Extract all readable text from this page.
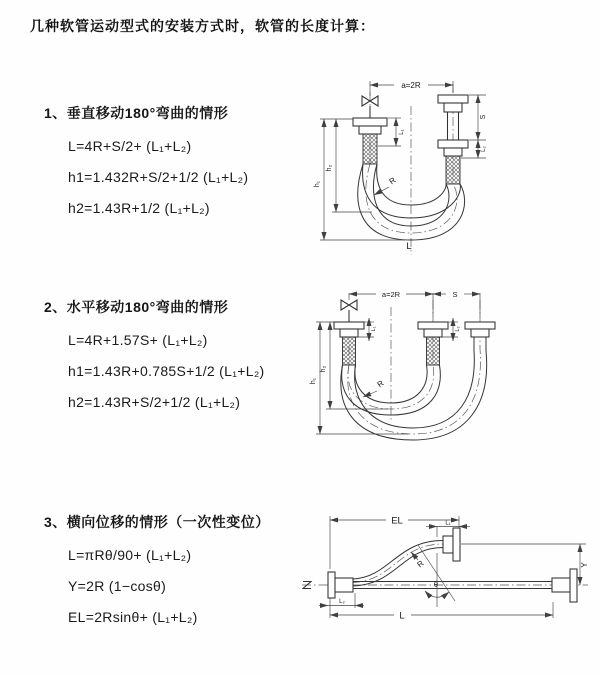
几种软管运动型式的安装方式时，软管的长度计算：

1、垂直移动180°弯曲的情形

L=4R+S/2+ (L₁+L₂)

h1=1.432R+S/2+1/2 (L₁+L₂)

h2=1.43R+1/2 (L₁+L₂)

2、水平移动180°弯曲的情形

L=4R+1.57S+ (L₁+L₂)

h1=1.43R+0.785S+1/2 (L₁+L₂)

h2=1.43R+S/2+1/2 (L₁+L₂)

3、横向位移的情形（一次性变位）

L=πRθ/90+ (L₁+L₂)

Y=2R (1−cosθ)

EL=2Rsinθ+ (L₁+L₂)

a=2R
h₁
h₂
L₁
S
L₂
R
L
a=2R	S
h₁
h₂
L₁	L₂
R
EL	L₁
Y
L
L₂
R
θ
